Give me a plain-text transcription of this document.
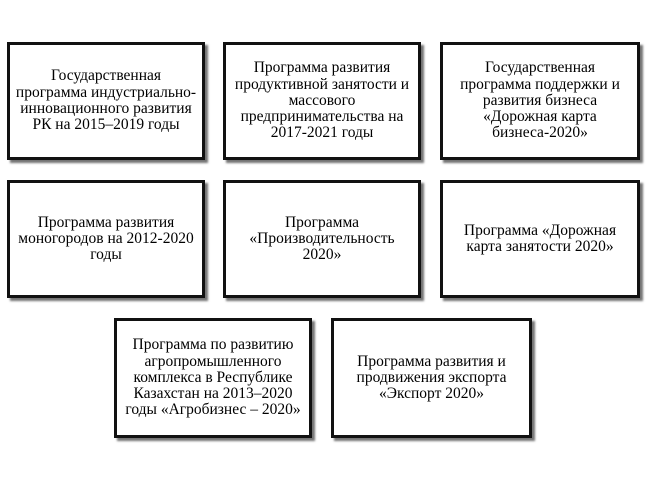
Государственная программа индустриально-инновационного развития РК на 2015–2019 годы
Программа развития продуктивной занятости и массового предпринимательства на 2017-2021 годы
Государственная программа поддержки и развития бизнеса «Дорожная карта бизнеса-2020»
Программа развития моногородов на 2012-2020 годы
Программа «Производительность 2020»
Программа «Дорожная карта занятости 2020»
Программа по развитию агропромышленного комплекса в Республике Казахстан на 2013–2020 годы «Агробизнес – 2020»
Программа развития и продвижения экспорта «Экспорт 2020»
